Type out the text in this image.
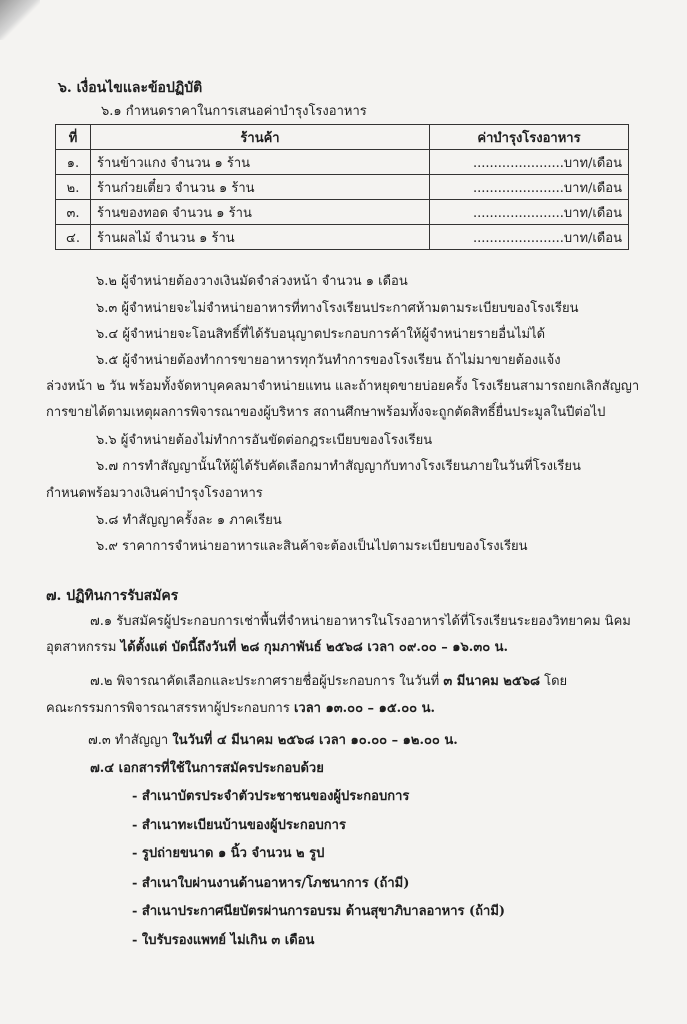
๖. เงื่อนไขและข้อปฏิบัติ
๖.๑ กำหนดราคาในการเสนอค่าบำรุงโรงอาหาร
ที่	ร้านค้า	ค่าบำรุงโรงอาหาร
๑.	ร้านข้าวแกง จำนวน ๑ ร้าน	......................บาท/เดือน
๒.	ร้านก๋วยเตี๋ยว จำนวน ๑ ร้าน	......................บาท/เดือน
๓.	ร้านของทอด จำนวน ๑ ร้าน	......................บาท/เดือน
๔.	ร้านผลไม้ จำนวน ๑ ร้าน	......................บาท/เดือน
๖.๒ ผู้จำหน่ายต้องวางเงินมัดจำล่วงหน้า จำนวน ๑ เดือน
๖.๓ ผู้จำหน่ายจะไม่จำหน่ายอาหารที่ทางโรงเรียนประกาศห้ามตามระเบียบของโรงเรียน
๖.๔ ผู้จำหน่ายจะโอนสิทธิ์ที่ได้รับอนุญาตประกอบการค้าให้ผู้จำหน่ายรายอื่นไม่ได้
๖.๕ ผู้จำหน่ายต้องทำการขายอาหารทุกวันทำการของโรงเรียน ถ้าไม่มาขายต้องแจ้ง
ล่วงหน้า ๒ วัน พร้อมทั้งจัดหาบุคคลมาจำหน่ายแทน และถ้าหยุดขายบ่อยครั้ง โรงเรียนสามารถยกเลิกสัญญา
การขายได้ตามเหตุผลการพิจารณาของผู้บริหาร สถานศึกษาพร้อมทั้งจะถูกตัดสิทธิ์ยื่นประมูลในปีต่อไป
๖.๖ ผู้จำหน่ายต้องไม่ทำการอันขัดต่อกฎระเบียบของโรงเรียน
๖.๗ การทำสัญญานั้นให้ผู้ได้รับคัดเลือกมาทำสัญญากับทางโรงเรียนภายในวันที่โรงเรียน
กำหนดพร้อมวางเงินค่าบำรุงโรงอาหาร
๖.๘ ทำสัญญาครั้งละ ๑ ภาคเรียน
๖.๙ ราคาการจำหน่ายอาหารและสินค้าจะต้องเป็นไปตามระเบียบของโรงเรียน
๗. ปฏิทินการรับสมัคร
๗.๑ รับสมัครผู้ประกอบการเช่าพื้นที่จำหน่ายอาหารในโรงอาหารได้ที่โรงเรียนระยองวิทยาคม นิคม
อุตสาหกรรม ได้ตั้งแต่ บัดนี้ถึงวันที่ ๒๘ กุมภาพันธ์ ๒๕๖๘ เวลา ๐๙.๐๐ – ๑๖.๓๐ น.
๗.๒ พิจารณาคัดเลือกและประกาศรายชื่อผู้ประกอบการ ในวันที่ ๓ มีนาคม ๒๕๖๘ โดย
คณะกรรมการพิจารณาสรรหาผู้ประกอบการ เวลา ๑๓.๐๐ – ๑๕.๐๐ น.
๗.๓ ทำสัญญา ในวันที่ ๔ มีนาคม ๒๕๖๘ เวลา ๑๐.๐๐ – ๑๒.๐๐ น.
๗.๔ เอกสารที่ใช้ในการสมัครประกอบด้วย
- สำเนาบัตรประจำตัวประชาชนของผู้ประกอบการ
- สำเนาทะเบียนบ้านของผู้ประกอบการ
- รูปถ่ายขนาด ๑ นิ้ว จำนวน ๒ รูป
- สำเนาใบผ่านงานด้านอาหาร/โภชนาการ (ถ้ามี)
- สำเนาประกาศนียบัตรผ่านการอบรม ด้านสุขาภิบาลอาหาร (ถ้ามี)
- ใบรับรองแพทย์ ไม่เกิน ๓ เดือน
